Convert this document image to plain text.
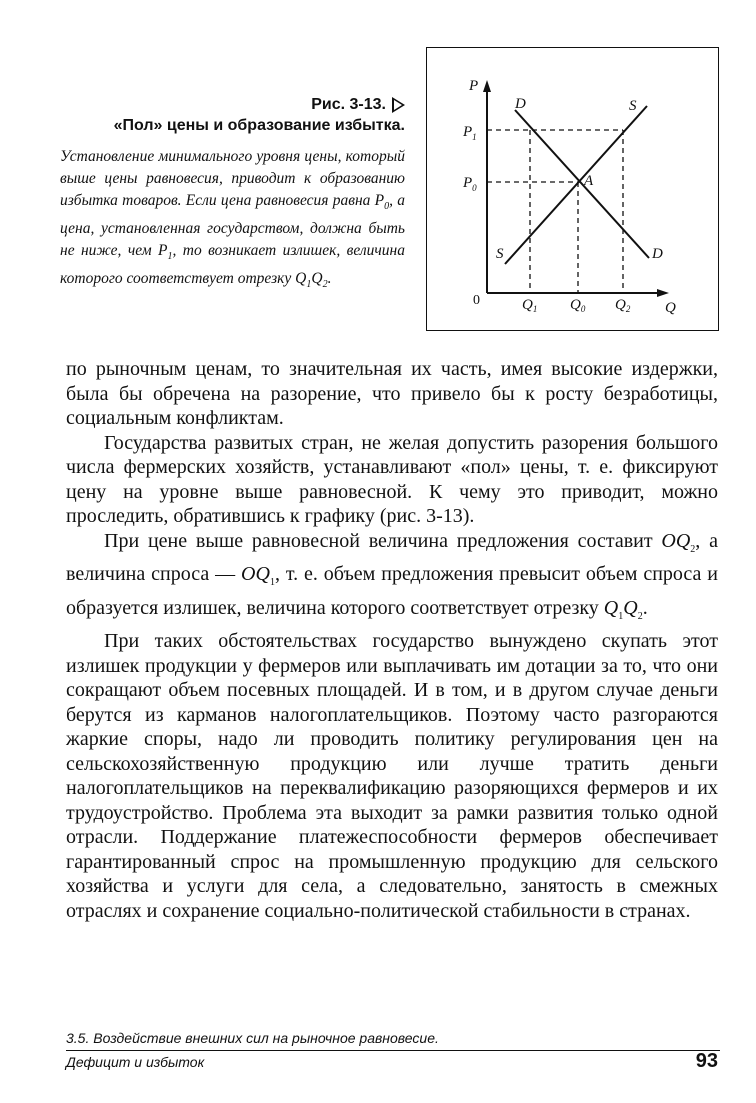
Рис. 3-13.
«Пол» цены и образование избытка.
Установление минимального уровня цены, который выше цены равновесия, приводит к образованию избытка товаров. Если цена равновесия равна $P_0$, а цена, установленная государством, должна быть не ниже, чем $P_1$, то возникает излишек, величина которого соответствует отрезку $Q_1Q_2$.
P
$P_1$
$P_0$
D	S
S	D
A
0	$Q_1$ $Q_0$ $Q_2$ Q

по рыночным ценам, то значительная их часть, имея высокие издержки, была бы обречена на разорение, что привело бы к росту безработицы, социальным конфликтам.

Государства развитых стран, не желая допустить разорения большого числа фермерских хозяйств, устанавливают «пол» цены, т. е. фиксируют цену на уровне выше равновесной. К чему это приводит, можно проследить, обратившись к графику (рис. 3-13).

При цене выше равновесной величина предложения составит $OQ_2$, а величина спроса — $OQ_1$, т. е. объем предложения превысит объем спроса и образуется излишек, величина которого соответствует отрезку $Q_1Q_2$.

При таких обстоятельствах государство вынуждено скупать этот излишек продукции у фермеров или выплачивать им дотации за то, что они сокращают объем посевных площадей. И в том, и в другом случае деньги берутся из карманов налогоплательщиков. Поэтому часто разгораются жаркие споры, надо ли проводить политику регулирования цен на сельскохозяйственную продукцию или лучше тратить деньги налогоплательщиков на переквалификацию разоряющихся фермеров и их трудоустройство. Проблема эта выходит за рамки развития только одной отрасли. Поддержание платежеспособности фермеров обеспечивает гарантированный спрос на промышленную продукцию для сельского хозяйства и услуги для села, а следовательно, занятость в смежных отраслях и сохранение социально-политической стабильности в странах.

3.5. Воздействие внешних сил на рыночное равновесие.
Дефицит и избыток	93
